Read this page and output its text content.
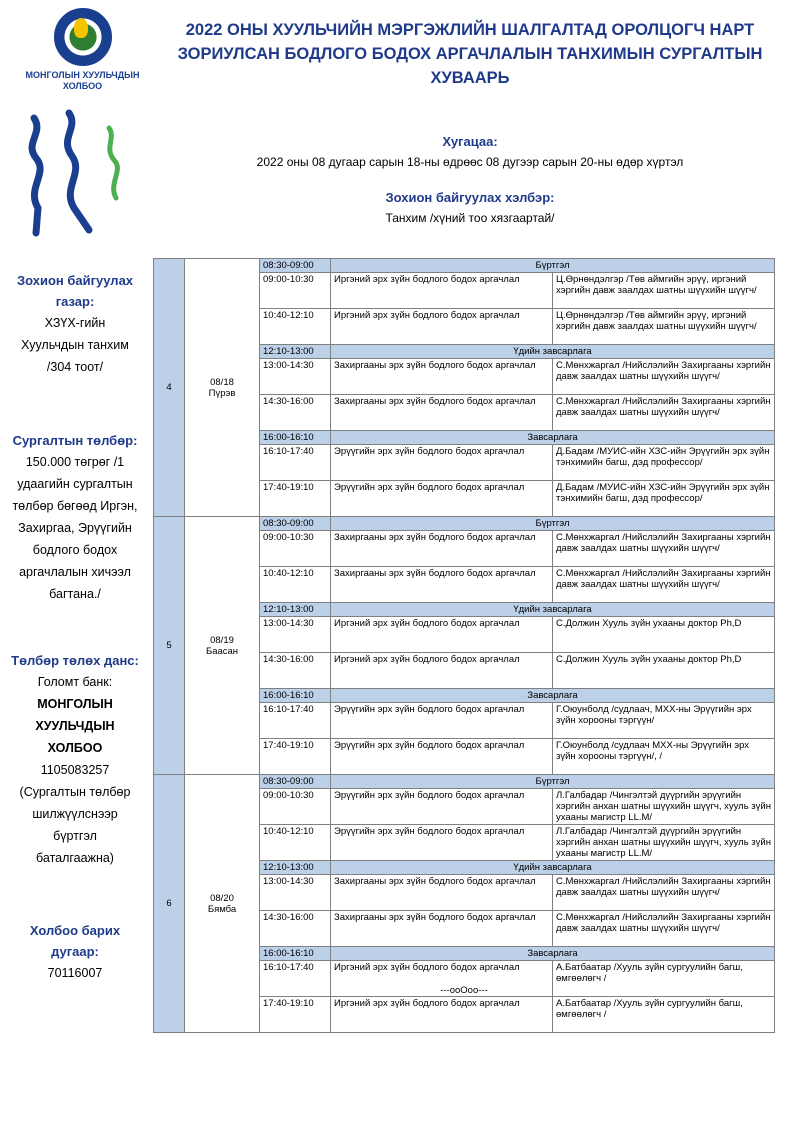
МОНГОЛЫН ХУУЛЬЧДЫН
ХОЛБОО
2022 ОНЫ ХУУЛЬЧИЙН МЭРГЭЖЛИЙН ШАЛГАЛТАД ОРОЛЦОГЧ НАРТ
ЗОРИУЛСАН БОДЛОГО БОДОХ АРГАЧЛАЛЫН ТАНХИМЫН СУРГАЛТЫН
ХУВААРЬ
Хугацаа:
2022 оны 08 дугаар сарын 18-ны өдрөөс 08 дугээр сарын 20-ны өдөр хүртэл
Зохион байгуулах хэлбэр:
Танхим /хүний тоо хязгаартай/
Зохион байгуулах
газар:
ХЗҮХ-гийн
Хуульчдын танхим
/304 тоот/
Сургалтын төлбөр:
150.000 төгрөг /1
удаагийн сургалтын
төлбөр бөгөөд Иргэн,
Захиргаа, Эрүүгийн
бодлого бодох
аргачлалын хичээл
багтана./
Төлбөр төлөх данс:
Голомт банк:
МОНГОЛЫН
ХУУЛЬЧДЫН
ХОЛБОО
1105083257
(Сургалтын төлбөр
шилжүүлснээр
бүртгэл
баталгаажна)
Холбоо барих
дугаар:
70116007
4	08/18
Пүрэв	08:30-09:00	Бүртгэл	
		09:00-10:30	Иргэний эрх зүйн бодлого бодох аргачлал	Ц.Өрнөндэлгэр /Төв аймгийн эрүү, иргэний хэргийн давж заалдах шатны шүүхийн шүүгч/
		10:40-12:10	Иргэний эрх зүйн бодлого бодох аргачлал	Ц.Өрнөндэлгэр /Төв аймгийн эрүү, иргэний хэргийн давж заалдах шатны шүүхийн шүүгч/
		12:10-13:00	Үдийн завсарлага	
		13:00-14:30	Захиргааны эрх зүйн бодлого бодох аргачлал	С.Мөнхжаргал /Нийслэлийн Захиргааны хэргийн давж заалдах шатны шүүхийн шүүгч/
		14:30-16:00	Захиргааны эрх зүйн бодлого бодох аргачлал	С.Мөнхжаргал /Нийслэлийн Захиргааны хэргийн давж заалдах шатны шүүхийн шүүгч/
		16:00-16:10	Завсарлага	
		16:10-17:40	Эрүүгийн эрх зүйн бодлого бодох аргачлал	Д.Бадам /МУИС-ийн ХЗС-ийн Эрүүгийн эрх зүйн тэнхимийн багш, дэд профессор/
		17:40-19:10	Эрүүгийн эрх зүйн бодлого бодох аргачлал	Д.Бадам /МУИС-ийн ХЗС-ийн Эрүүгийн эрх зүйн тэнхимийн багш, дэд профессор/
5	08/19
Баасан	08:30-09:00	Бүртгэл	
		09:00-10:30	Захиргааны эрх зүйн бодлого бодох аргачлал	С.Мөнхжаргал /Нийслэлийн Захиргааны хэргийн давж заалдах шатны шүүхийн шүүгч/
		10:40-12:10	Захиргааны эрх зүйн бодлого бодох аргачлал	С.Мөнхжаргал /Нийслэлийн Захиргааны хэргийн давж заалдах шатны шүүхийн шүүгч/
		12:10-13:00	Үдийн завсарлага	
		13:00-14:30	Иргэний эрх зүйн бодлого бодох аргачлал	С.Должин Хууль зүйн ухааны доктор Ph,D
		14:30-16:00	Иргэний эрх зүйн бодлого бодох аргачлал	С.Должин Хууль зүйн ухааны доктор Ph,D
		16:00-16:10	Завсарлага	
		16:10-17:40	Эрүүгийн эрх зүйн бодлого бодох аргачлал	Г.Оюунболд /судлаач, МХХ-ны Эрүүгийн эрх зүйн хорооны тэргүүн/
		17:40-19:10	Эрүүгийн эрх зүйн бодлого бодох аргачлал	Г.Оюунболд /судлаач МХХ-ны Эрүүгийн эрх зүйн хорооны тэргүүн/, /
6	08/20
Бямба	08:30-09:00	Бүртгэл	
		09:00-10:30	Эрүүгийн эрх зүйн бодлого бодох аргачлал	Л.Галбадар /Чингэлтэй дүүргийн эрүүгийн хэргийн анхан шатны шүүхийн шүүгч, хууль зүйн ухааны магистр LL.M/
		10:40-12:10	Эрүүгийн эрх зүйн бодлого бодох аргачлал	Л.Галбадар /Чингэлтэй дүүргийн эрүүгийн хэргийн анхан шатны шүүхийн шүүгч, хууль зүйн ухааны магистр LL.M/
		12:10-13:00	Үдийн завсарлага	
		13:00-14:30	Захиргааны эрх зүйн бодлого бодох аргачлал	С.Мөнхжаргал /Нийслэлийн Захиргааны хэргийн давж заалдах шатны шүүхийн шүүгч/
		14:30-16:00	Захиргааны эрх зүйн бодлого бодох аргачлал	С.Мөнхжаргал /Нийслэлийн Захиргааны хэргийн давж заалдах шатны шүүхийн шүүгч/
		16:00-16:10	Завсарлага	
		16:10-17:40	Иргэний эрх зүйн бодлого бодох аргачлал	А.Батбаатар /Хууль зүйн сургуулийн багш, өмгөөлөгч /
		17:40-19:10	Иргэний эрх зүйн бодлого бодох аргачлал	А.Батбаатар /Хууль зүйн сургуулийн багш, өмгөөлөгч /
---ooOoo---
